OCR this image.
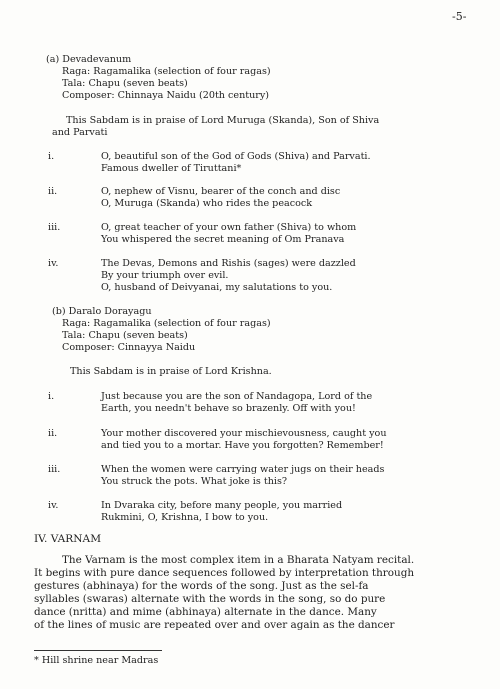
-5-
(a) Devadevanum
Raga: Ragamalika (selection of four ragas)
Tala: Chapu (seven beats)
Composer: Chinnaya Naidu (20th century)
This Sabdam is in praise of Lord Muruga (Skanda), Son of Shiva
and Parvati
i.	O, beautiful son of the God of Gods (Shiva) and Parvati.
Famous dweller of Tiruttani*
ii.	O, nephew of Visnu, bearer of the conch and disc
O, Muruga (Skanda) who rides the peacock
iii.	O, great teacher of your own father (Shiva) to whom
You whispered the secret meaning of Om Pranava
iv.	The Devas, Demons and Rishis (sages) were dazzled
By your triumph over evil.
O, husband of Deivyanai, my salutations to you.
(b) Daralo Dorayagu
Raga: Ragamalika (selection of four ragas)
Tala: Chapu (seven beats)
Composer: Cinnayya Naidu
This Sabdam is in praise of Lord Krishna.
i.	Just because you are the son of Nandagopa, Lord of the
Earth, you needn't behave so brazenly. Off with you!
ii.	Your mother discovered your mischievousness, caught you
and tied you to a mortar. Have you forgotten? Remember!
iii.	When the women were carrying water jugs on their heads
You struck the pots. What joke is this?
iv.	In Dvaraka city, before many people, you married
Rukmini, O, Krishna, I bow to you.
IV. VARNAM
The Varnam is the most complex item in a Bharata Natyam recital.
It begins with pure dance sequences followed by interpretation through
gestures (abhinaya) for the words of the song. Just as the sel-fa
syllables (swaras) alternate with the words in the song, so do pure
dance (nritta) and mime (abhinaya) alternate in the dance. Many
of the lines of music are repeated over and over again as the dancer
* Hill shrine near Madras
